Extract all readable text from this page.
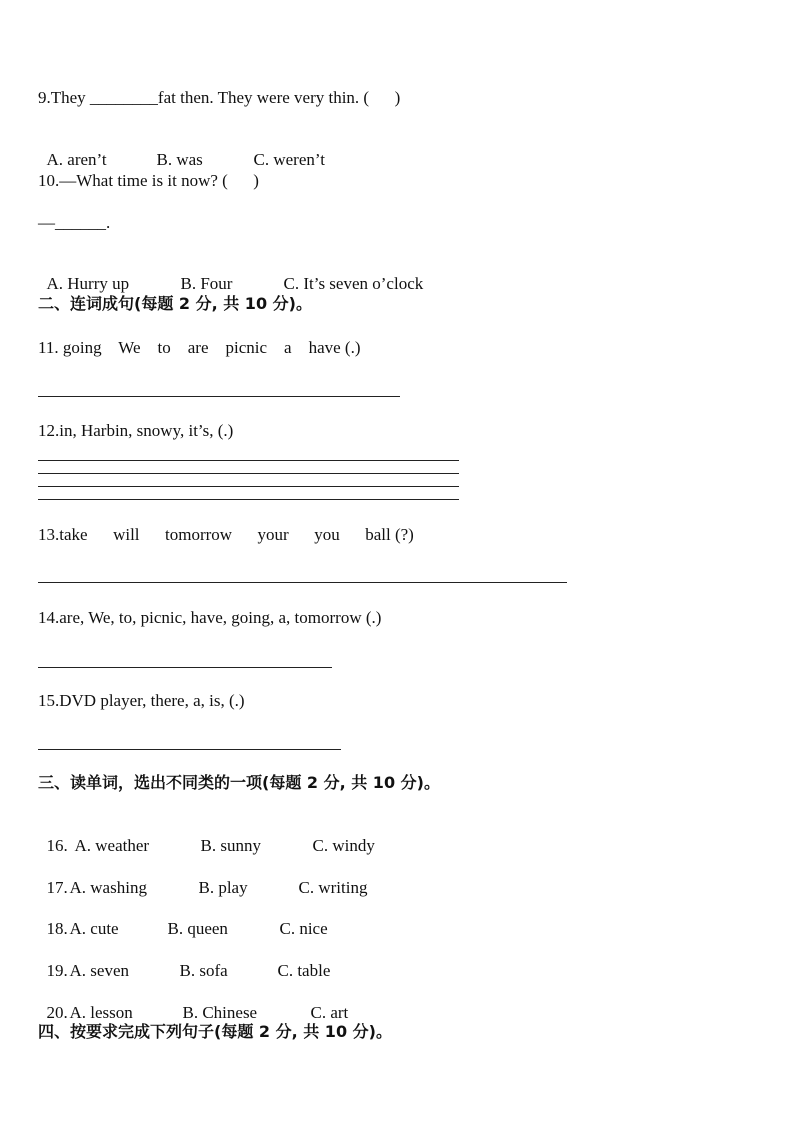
9.They ________fat then. They were very thin. (      )

A. aren’t	B. was	C. weren’t

10.—What time is it now? (      )
—______.

A. Hurry up	B. Four	C. It’s seven o’clock

二、连词成句(每题 2 分, 共 10 分)。
11. going    We    to    are    picnic    a    have (.)
12.in, Harbin, snowy, it’s, (.)
13.take      will      tomorrow      your      you      ball (?)
14.are, We, to, picnic, have, going, a, tomorrow (.)
15.DVD player, there, a, is, (.)
三、读单词，选出不同类的一项(每题 2 分, 共 10 分)。

16. A. weather	B. sunny	C. windy

17. A. washing	B. play	C. writing

18. A. cute	B. queen	C. nice

19. A. seven	B. sofa	C. table

20. A. lesson	B. Chinese	C. art

四、按要求完成下列句子(每题 2 分, 共 10 分)。
